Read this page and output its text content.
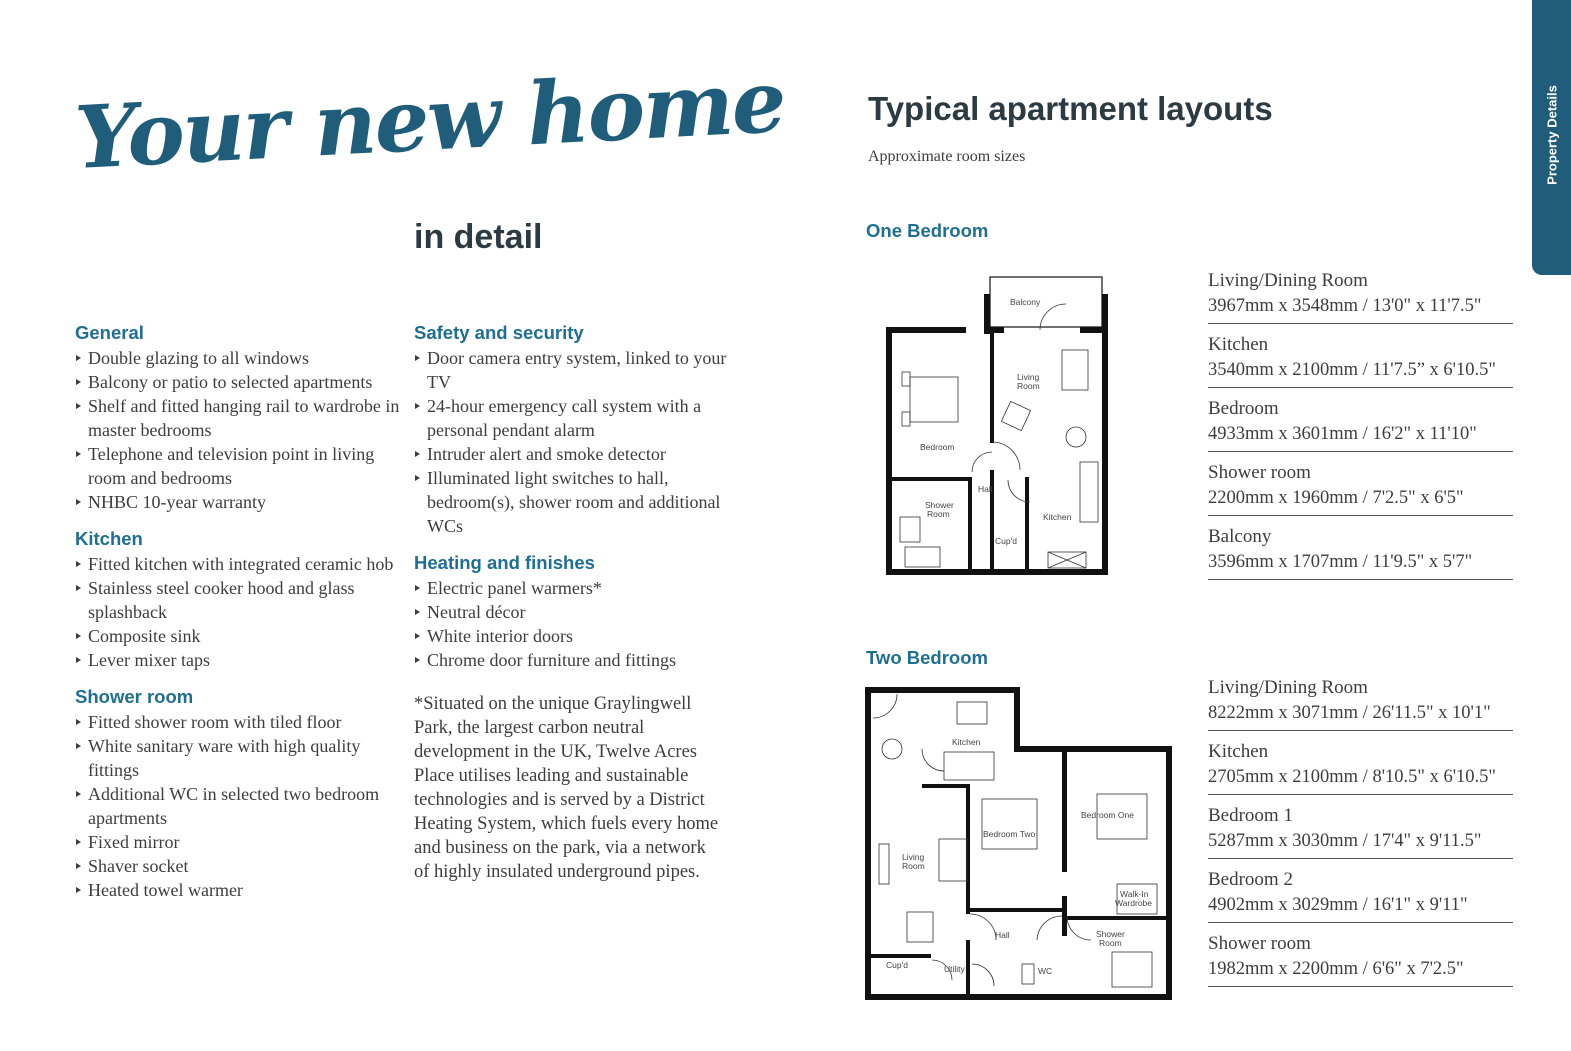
Your new home
in detail
General
Double glazing to all windows
Balcony or patio to selected apartments
Shelf and fitted hanging rail to wardrobe in master bedrooms
Telephone and television point in living room and bedrooms
NHBC 10-year warranty
Kitchen
Fitted kitchen with integrated ceramic hob
Stainless steel cooker hood and glass splashback
Composite sink
Lever mixer taps
Shower room
Fitted shower room with tiled floor
White sanitary ware with high quality fittings
Additional WC in selected two bedroom apartments
Fixed mirror
Shaver socket
Heated towel warmer
Safety and security
Door camera entry system, linked to your TV
24-hour emergency call system with a personal pendant alarm
Intruder alert and smoke detector
Illuminated light switches to hall, bedroom(s), shower room and additional WCs
Heating and finishes
Electric panel warmers*
Neutral décor
White interior doors
Chrome door furniture and fittings
*Situated on the unique Graylingwell Park, the largest carbon neutral development in the UK, Twelve Acres Place utilises leading and sustainable technologies and is served by a District Heating System, which fuels every home and business on the park, via a network of highly insulated underground pipes.
Typical apartment layouts
Approximate room sizes
One Bedroom
Two Bedroom
Balcony
Living
Room
Bedroom
Hall
Shower
Room	Kitchen
Cup'd
Kitchen
Living
Room
Bedroom Two
Bedroom One
Walk-In
Wardrobe
Shower
Room
Hall
Cup'd	Utility	WC
Living/Dining Room
3967mm x 3548mm / 13'0" x 11'7.5"
Kitchen
3540mm x 2100mm / 11'7.5” x 6'10.5"
Bedroom
4933mm x 3601mm / 16'2" x 11'10"
Shower room
2200mm x 1960mm / 7'2.5" x 6'5"
Balcony
3596mm x 1707mm / 11'9.5" x 5'7"
Living/Dining Room
8222mm x 3071mm / 26'11.5" x 10'1"
Kitchen
2705mm x 2100mm / 8'10.5" x 6'10.5"
Bedroom 1
5287mm x 3030mm / 17'4" x 9'11.5"
Bedroom 2
4902mm x 3029mm / 16'1" x 9'11"
Shower room
1982mm x 2200mm / 6'6" x 7'2.5"
Property Details
